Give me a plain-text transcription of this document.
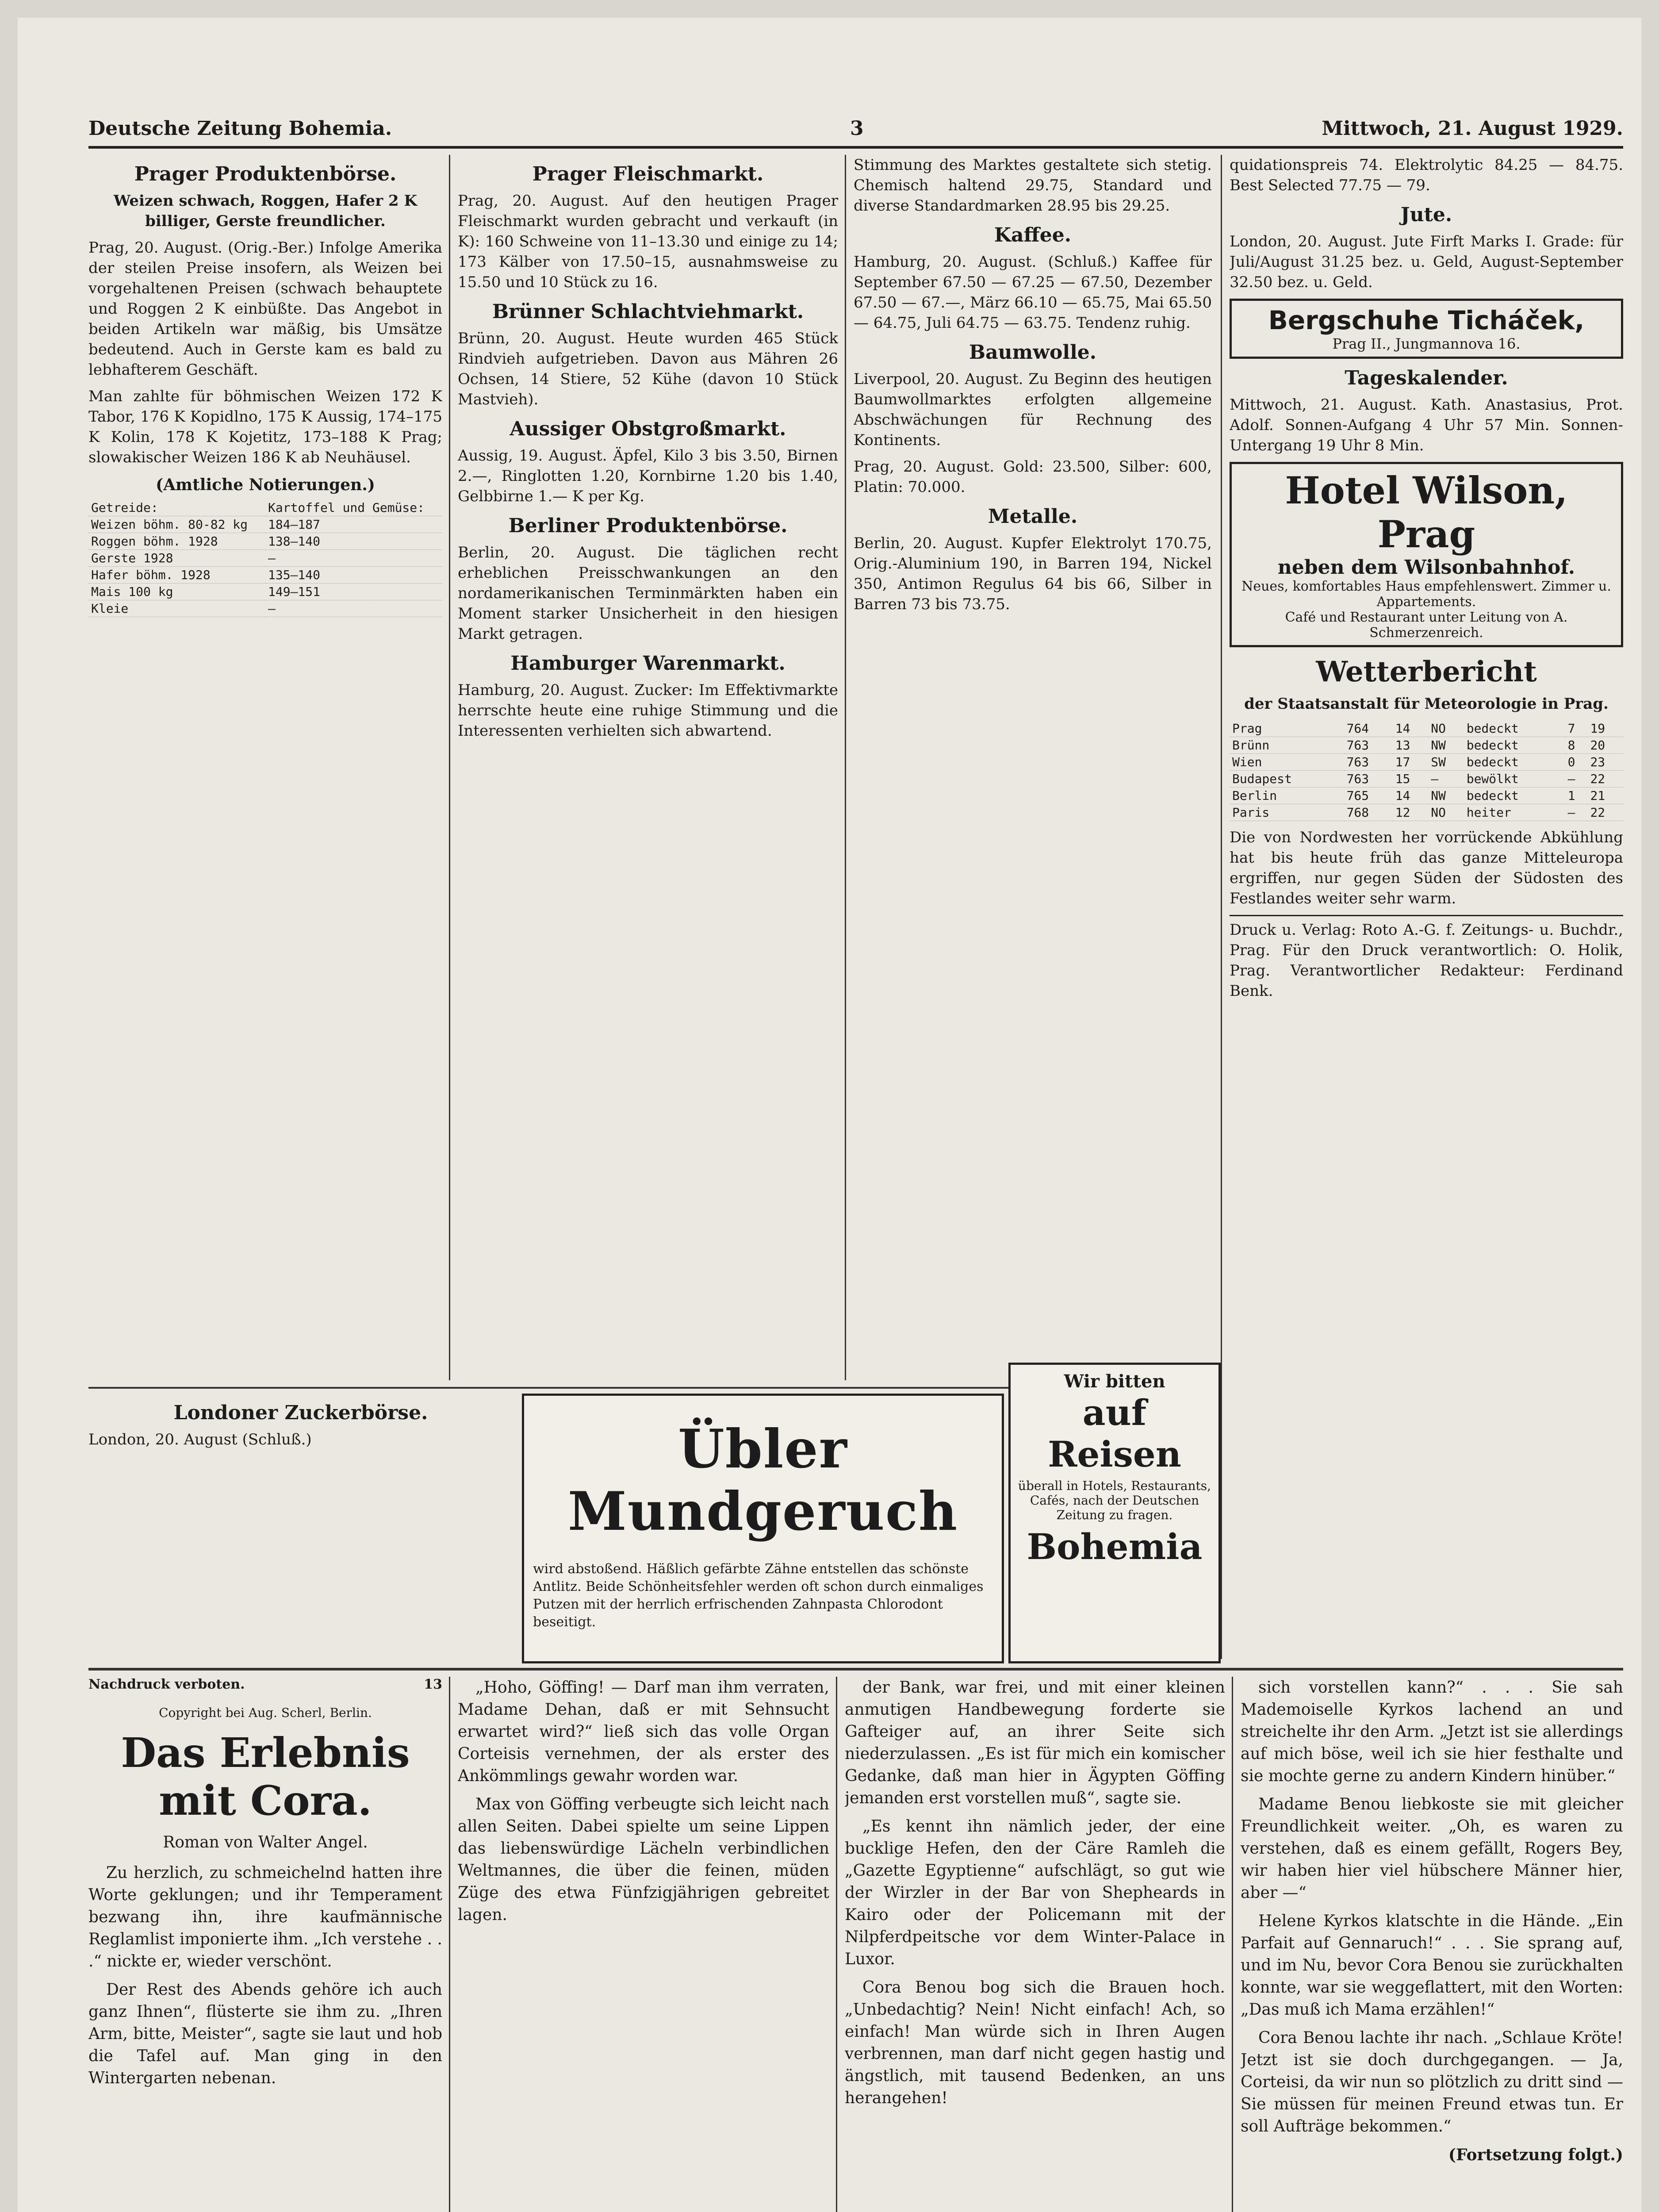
Deutsche Zeitung Bohemia.	3	Mittwoch, 21. August 1929.
Prager Produktenbörse.

Weizen schwach, Roggen, Hafer 2 K billiger, Gerste freundlicher.

Prag, 20. August. (Orig.-Ber.) Infolge Amerika der steilen Preise insofern, als Weizen bei vorgehaltenen Preisen (schwach behauptete und Roggen 2 K einbüßte. Das Angebot in beiden Artikeln war mäßig, bis Umsätze bedeutend. Auch in Gerste kam es bald zu lebhafterem Geschäft.

Man zahlte für böhmischen Weizen 172 K Tabor, 176 K Kopidlno, 175 K Aussig, 174–175 K Kolin, 178 K Kojetitz, 173–188 K Prag; slowakischer Weizen 186 K ab Neuhäusel.

(Amtliche Notierungen.)
Getreide:	Kartoffel und Gemüse:
Weizen böhm. 80-82 kg	184–187
Roggen böhm. 1928	138–140
Gerste 1928	—
Hafer böhm. 1928	135–140
Mais 100 kg	149–151
Kleie	—
Prager Fleischmarkt.

Prag, 20. August. Auf den heutigen Prager Fleischmarkt wurden gebracht und verkauft (in K): 160 Schweine von 11–13.30 und einige zu 14; 173 Kälber von 17.50–15, ausnahmsweise zu 15.50 und 10 Stück zu 16.

Brünner Schlachtviehmarkt.

Brünn, 20. August. Heute wurden 465 Stück Rindvieh aufgetrieben. Davon aus Mähren 26 Ochsen, 14 Stiere, 52 Kühe (davon 10 Stück Mastvieh).

Aussiger Obstgroßmarkt.

Aussig, 19. August. Äpfel, Kilo 3 bis 3.50, Birnen 2.—, Ringlotten 1.20, Kornbirne 1.20 bis 1.40, Gelbbirne 1.— K per Kg.

Berliner Produktenbörse.

Berlin, 20. August. Die täglichen recht erheblichen Preisschwankungen an den nordamerikanischen Terminmärkten haben ein Moment starker Unsicherheit in den hiesigen Markt getragen.

Hamburger Warenmarkt.

Hamburg, 20. August. Zucker: Im Effektivmarkte herrschte heute eine ruhige Stimmung und die Interessenten verhielten sich abwartend.

Stimmung des Marktes gestaltete sich stetig. Chemisch haltend 29.75, Standard und diverse Standardmarken 28.95 bis 29.25.

Kaffee.

Hamburg, 20. August. (Schluß.) Kaffee für September 67.50 — 67.25 — 67.50, Dezember 67.50 — 67.—, März 66.10 — 65.75, Mai 65.50 — 64.75, Juli 64.75 — 63.75. Tendenz ruhig.

Baumwolle.

Liverpool, 20. August. Zu Beginn des heutigen Baumwollmarktes erfolgten allgemeine Abschwächungen für Rechnung des Kontinents.

Prag, 20. August. Gold: 23.500, Silber: 600, Platin: 70.000.

Metalle.

Berlin, 20. August. Kupfer Elektrolyt 170.75, Orig.-Aluminium 190, in Barren 194, Nickel 350, Antimon Regulus 64 bis 66, Silber in Barren 73 bis 73.75.

quidationspreis 74. Elektrolytic 84.25 — 84.75. Best Selected 77.75 — 79.

Jute.

London, 20. August. Jute Firft Marks I. Grade: für Juli/August 31.25 bez. u. Geld, August-September 32.50 bez. u. Geld.

Bergschuhe Ticháček,
Prag II., Jungmannova 16.
Tageskalender.

Mittwoch, 21. August. Kath. Anastasius, Prot. Adolf. Sonnen-Aufgang 4 Uhr 57 Min. Sonnen-Untergang 19 Uhr 8 Min.

Hotel Wilson, Prag
neben dem Wilsonbahnhof.
Neues, komfortables Haus empfehlenswert. Zimmer u. Appartements.
Café und Restaurant unter Leitung von A. Schmerzenreich.
Wetterbericht

der Staatsanstalt für Meteorologie in Prag.

Prag	764	14	NO	bedeckt	7	19
Brünn	763	13	NW	bedeckt	8	20
Wien	763	17	SW	bedeckt	0	23
Budapest	763	15	—	bewölkt	—	22
Berlin	765	14	NW	bedeckt	1	21
Paris	768	12	NO	heiter	—	22

Die von Nordwesten her vorrückende Abkühlung hat bis heute früh das ganze Mitteleuropa ergriffen, nur gegen Süden der Südosten des Festlandes weiter sehr warm.

Druck u. Verlag: Roto A.-G. f. Zeitungs- u. Buchdr., Prag. Für den Druck verantwortlich: O. Holik, Prag. Verantwortlicher Redakteur: Ferdinand Benk.

Londoner Zuckerbörse.

London, 20. August (Schluß.)	Übler Mundgeruch

wird abstoßend. Häßlich gefärbte Zähne entstellen das schönste Antlitz. Beide Schönheitsfehler werden oft schon durch einmaliges Putzen mit der herrlich erfrischenden Zahnpasta Chlorodont beseitigt.

Wir bitten
auf Reisen
überall in Hotels, Restaurants, Cafés, nach der Deutschen Zeitung zu fragen.
Bohemia
Nachdruck verboten.	13
Copyright bei Aug. Scherl, Berlin.
Das Erlebnis mit Cora.
Roman von Walter Angel.

Zu herzlich, zu schmeichelnd hatten ihre Worte geklungen; und ihr Temperament bezwang ihn, ihre kaufmännische Reglamlist imponierte ihm. „Ich verstehe . . .“ nickte er, wieder verschönt.

Der Rest des Abends gehöre ich auch ganz Ihnen“, flüsterte sie ihm zu. „Ihren Arm, bitte, Meister“, sagte sie laut und hob die Tafel auf. Man ging in den Wintergarten nebenan.

„Hoho, Göffing! — Darf man ihm verraten, Madame Dehan, daß er mit Sehnsucht erwartet wird?“ ließ sich das volle Organ Corteisis vernehmen, der als erster des Ankömmlings gewahr worden war.

Max von Göffing verbeugte sich leicht nach allen Seiten. Dabei spielte um seine Lippen das liebenswürdige Lächeln verbindlichen Weltmannes, die über die feinen, müden Züge des etwa Fünfzigjährigen gebreitet lagen.

der Bank, war frei, und mit einer kleinen anmutigen Handbewegung forderte sie Gafteiger auf, an ihrer Seite sich niederzulassen. „Es ist für mich ein komischer Gedanke, daß man hier in Ägypten Göffing jemanden erst vorstellen muß“, sagte sie.

„Es kennt ihn nämlich jeder, der eine bucklige Hefen, den der Cäre Ramleh die „Gazette Egyptienne“ aufschlägt, so gut wie der Wirzler in der Bar von Shepheards in Kairo oder der Policemann mit der Nilpferdpeitsche vor dem Winter-Palace in Luxor.

Cora Benou bog sich die Brauen hoch. „Unbedachtig? Nein! Nicht einfach! Ach, so einfach! Man würde sich in Ihren Augen verbrennen, man darf nicht gegen hastig und ängstlich, mit tausend Bedenken, an uns herangehen!

sich vorstellen kann?“ . . . Sie sah Mademoiselle Kyrkos lachend an und streichelte ihr den Arm. „Jetzt ist sie allerdings auf mich böse, weil ich sie hier festhalte und sie mochte gerne zu andern Kindern hinüber.“

Madame Benou liebkoste sie mit gleicher Freundlichkeit weiter. „Oh, es waren zu verstehen, daß es einem gefällt, Rogers Bey, wir haben hier viel hübschere Männer hier, aber —“

Helene Kyrkos klatschte in die Hände. „Ein Parfait auf Gennaruch!“ . . . Sie sprang auf, und im Nu, bevor Cora Benou sie zurückhalten konnte, war sie weggeflattert, mit den Worten: „Das muß ich Mama erzählen!“

Cora Benou lachte ihr nach. „Schlaue Kröte! Jetzt ist sie doch durchgegangen. — Ja, Corteisi, da wir nun so plötzlich zu dritt sind — Sie müssen für meinen Freund etwas tun. Er soll Aufträge bekommen.“

(Fortsetzung folgt.)
